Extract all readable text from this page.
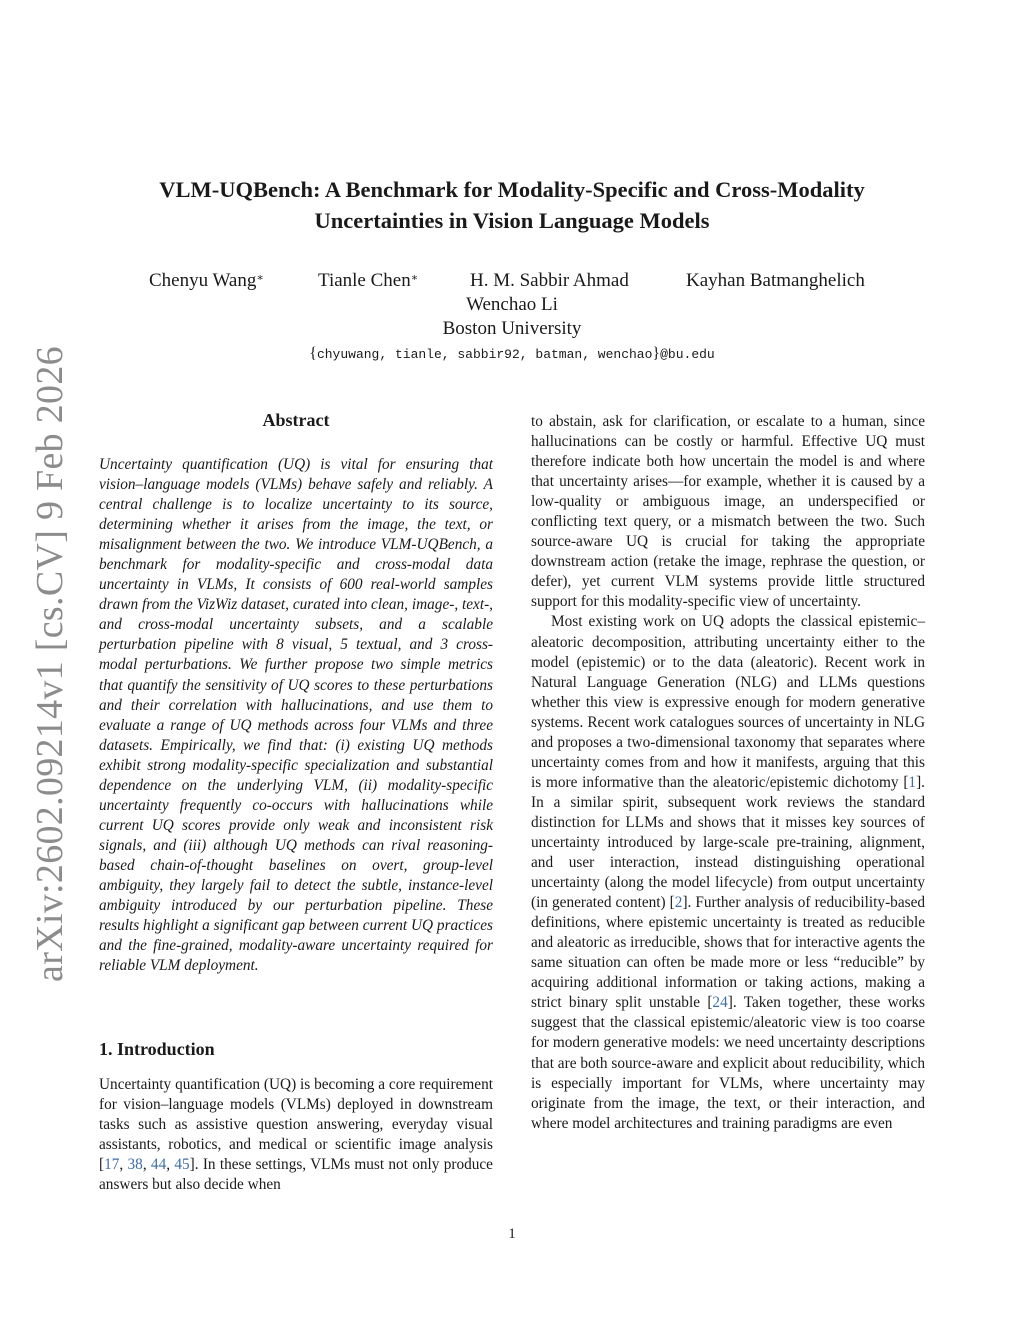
arXiv:2602.09214v1 [cs.CV] 9 Feb 2026
VLM-UQBench: A Benchmark for Modality-Specific and Cross-Modality
Uncertainties in Vision Language Models
Chenyu Wang∗	Tianle Chen∗	H. M. Sabbir Ahmad	Kayhan Batmanghelich
Wenchao Li
Boston University
{chyuwang, tianle, sabbir92, batman, wenchao}@bu.edu
Abstract

Uncertainty quantification (UQ) is vital for ensuring that vision–language models (VLMs) behave safely and reliably. A central challenge is to localize uncertainty to its source, determining whether it arises from the image, the text, or misalignment between the two. We introduce VLM-UQBench, a benchmark for modality-specific and cross-modal data uncertainty in VLMs, It consists of 600 real-world samples drawn from the VizWiz dataset, curated into clean, image-, text-, and cross-modal uncertainty subsets, and a scalable perturbation pipeline with 8 visual, 5 textual, and 3 cross-modal perturbations. We further propose two simple metrics that quantify the sensitivity of UQ scores to these perturbations and their correlation with hallucinations, and use them to evaluate a range of UQ methods across four VLMs and three datasets. Empirically, we find that: (i) existing UQ methods exhibit strong modality-specific specialization and substantial dependence on the underlying VLM, (ii) modality-specific uncertainty frequently co-occurs with hallucinations while current UQ scores provide only weak and inconsistent risk signals, and (iii) although UQ methods can rival reasoning-based chain-of-thought baselines on overt, group-level ambiguity, they largely fail to detect the subtle, instance-level ambiguity introduced by our perturbation pipeline. These results highlight a significant gap between current UQ practices and the fine-grained, modality-aware uncertainty required for reliable VLM deployment.

1. Introduction

Uncertainty quantification (UQ) is becoming a core requirement for vision–language models (VLMs) deployed in downstream tasks such as assistive question answering, everyday visual assistants, robotics, and medical or scientific image analysis [17, 38, 44, 45]. In these settings, VLMs must not only produce answers but also decide when

to abstain, ask for clarification, or escalate to a human, since hallucinations can be costly or harmful. Effective UQ must therefore indicate both how uncertain the model is and where that uncertainty arises—for example, whether it is caused by a low-quality or ambiguous image, an underspecified or conflicting text query, or a mismatch between the two. Such source-aware UQ is crucial for taking the appropriate downstream action (retake the image, rephrase the question, or defer), yet current VLM systems provide little structured support for this modality-specific view of uncertainty.

Most existing work on UQ adopts the classical epistemic–aleatoric decomposition, attributing uncertainty either to the model (epistemic) or to the data (aleatoric). Recent work in Natural Language Generation (NLG) and LLMs questions whether this view is expressive enough for modern generative systems. Recent work catalogues sources of uncertainty in NLG and proposes a two-dimensional taxonomy that separates where uncertainty comes from and how it manifests, arguing that this is more informative than the aleatoric/epistemic dichotomy [1]. In a similar spirit, subsequent work reviews the standard distinction for LLMs and shows that it misses key sources of uncertainty introduced by large-scale pre-training, alignment, and user interaction, instead distinguishing operational uncertainty (along the model lifecycle) from output uncertainty (in generated content) [2]. Further analysis of reducibility-based definitions, where epistemic uncertainty is treated as reducible and aleatoric as irreducible, shows that for interactive agents the same situation can often be made more or less “reducible” by acquiring additional information or taking actions, making a strict binary split unstable [24]. Taken together, these works suggest that the classical epistemic/aleatoric view is too coarse for modern generative models: we need uncertainty descriptions that are both source-aware and explicit about reducibility, which is especially important for VLMs, where uncertainty may originate from the image, the text, or their interaction, and where model architectures and training paradigms are even

1
